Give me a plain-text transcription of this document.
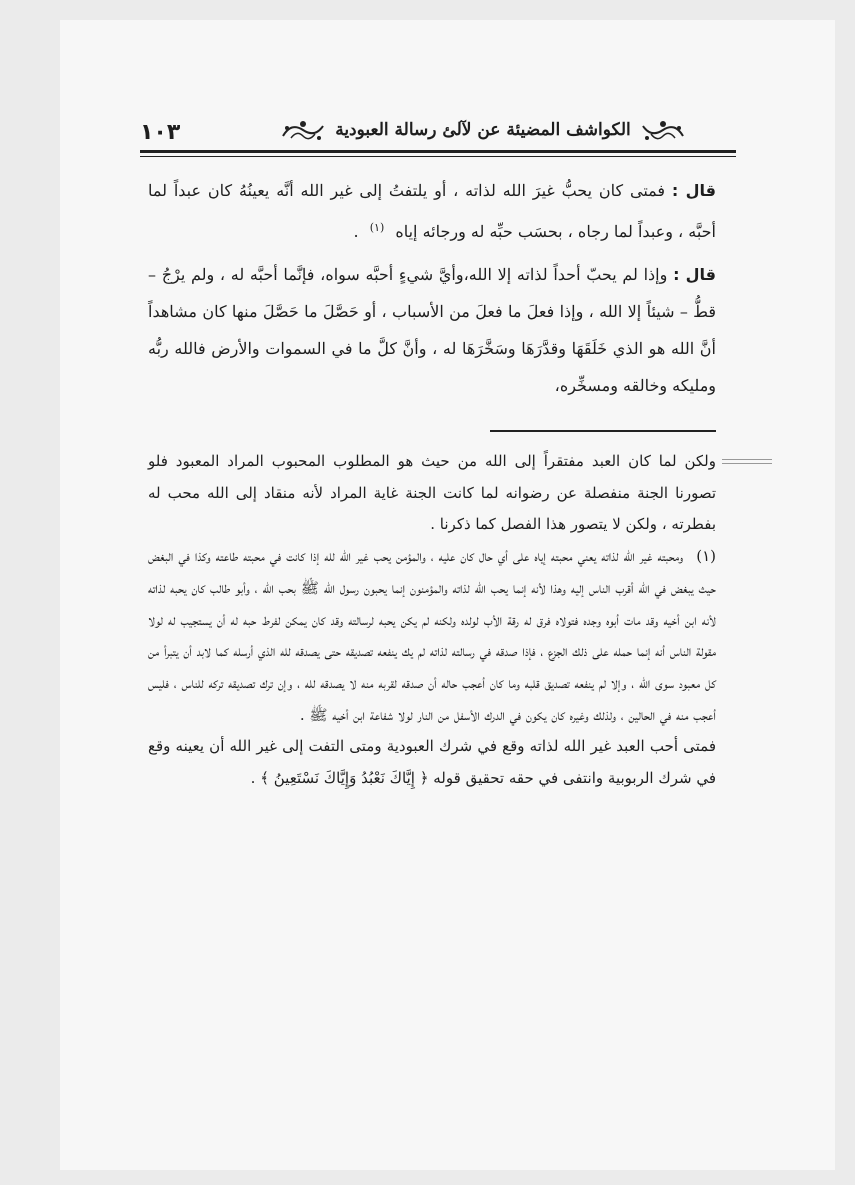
١٠٣	الكواشف المضيئة عن لآلئ رسالة العبودية

قال : فمتى كان يحبُّ غيرَ الله لذاته ، أو يلتفتُ إلى غير الله أنَّه يعينُهُ كان عبداً لما أحبَّه ، وعبداً لما رجاه ، بحسَب حبِّه له ورجائه إياه $^{(١)}$ .

قال : وإذا لم يحبّ أحداً لذاته إلا الله،وأيَّ شيءٍ أحبَّه سواه، فإنَّما أحبَّه له ، ولم يرْجُ – قطُّ – شيئاً إلا الله ، وإذا فعلَ ما فعلَ من الأسباب ، أو حَصَّلَ ما حَصَّلَ منها كان مشاهداً أنَّ الله هو الذي خَلَقَهَا وقدَّرَهَا وسَخَّرَهَا له ، وأنَّ كلَّ ما في السموات والأرض فالله ربُّه ومليكه وخالقه ومسخِّره،

ولكن لما كان العبد مفتقراً إلى الله من حيث هو المطلوب المحبوب المراد المعبود فلو تصورنا الجنة منفصلة عن رضوانه لما كانت الجنة غاية المراد لأنه منقاد إلى الله محب له بفطرته ، ولكن لا يتصور هذا الفصل كما ذكرنا .

(١) ومحبته غير الله لذاته يعني محبته إياه على أي حال كان عليه ، والمؤمن يحب غير الله لله إذا كانت في محبته طاعته وكذا في البغض حيث يبغض في الله أقرب الناس إليه وهذا لأنه إنما يحب الله لذاته والمؤمنون إنما يحبون رسول الله ﷺ بحب الله ، وأبو طالب كان يحبه لذاته لأنه ابن أخيه وقد مات أبوه وجده فتولاه فرق له رقة الأب لولده ولكنه لم يكن يحبه لرسالته وقد كان يمكن لفرط حبه له أن يستجيب له لولا مقولة الناس أنه إنما حمله على ذلك الجزع ، فإذا صدقه في رسالته لذاته لم يك ينفعه تصديقه حتى يصدقه لله الذي أرسله كما لابد أن يتبرأ من كل معبود سوى الله ، وإلا لم ينفعه تصديق قلبه وما كان أعجب حاله أن صدقه لقربه منه لا يصدقه لله ، وإن ترك تصديقه تركه للناس ، فليس أعجب منه في الحالين ، ولذلك وغيره كان يكون في الدرك الأسفل من النار لولا شفاعة ابن أخيه ﷺ .

فمتى أحب العبد غير الله لذاته وقع في شرك العبودية ومتى التفت إلى غير الله أن يعينه وقع في شرك الربوبية وانتفى في حقه تحقيق قوله ﴿ إِيَّاكَ نَعْبُدُ وَإِيَّاكَ نَسْتَعِينُ ﴾ .
